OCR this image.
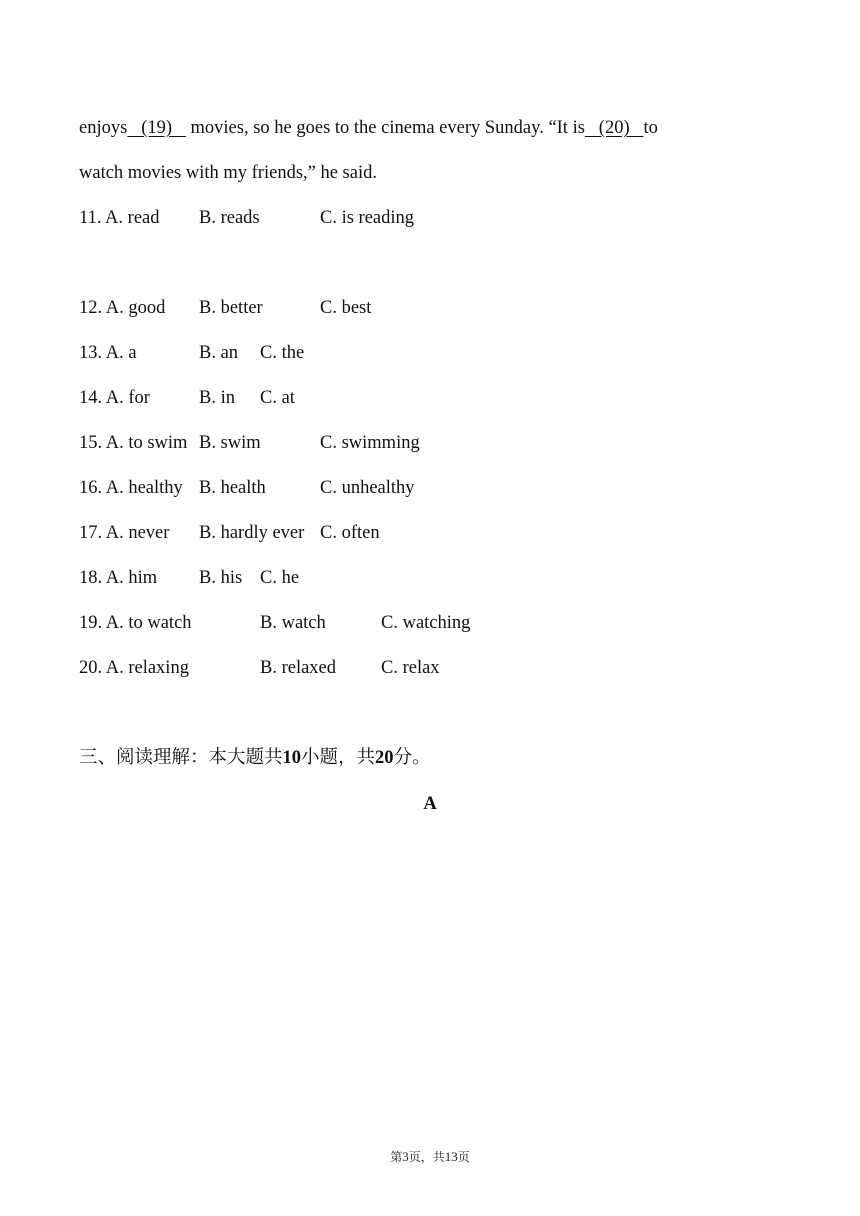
enjoys   (19)    movies, so he goes to the cinema every Sunday. “It is   (20)   to
watch movies with my friends,” he said.
11. A. read B. reads	C. is reading
12. A. good B. better	C. best
13. A. a	B. an C. the
14. A. for	B. in C. at
15. A. to swim B. swim	C. swimming
16. A. healthy B. health	C. unhealthy
17. A. never B. hardly ever C. often
18. A. him B. his C. he
19. A. to watch	B. watch	C. watching
20. A. relaxing	B. relaxed C. relax
三、阅读理解：本大题共10小题，共20分。
A
第3页，共13页
